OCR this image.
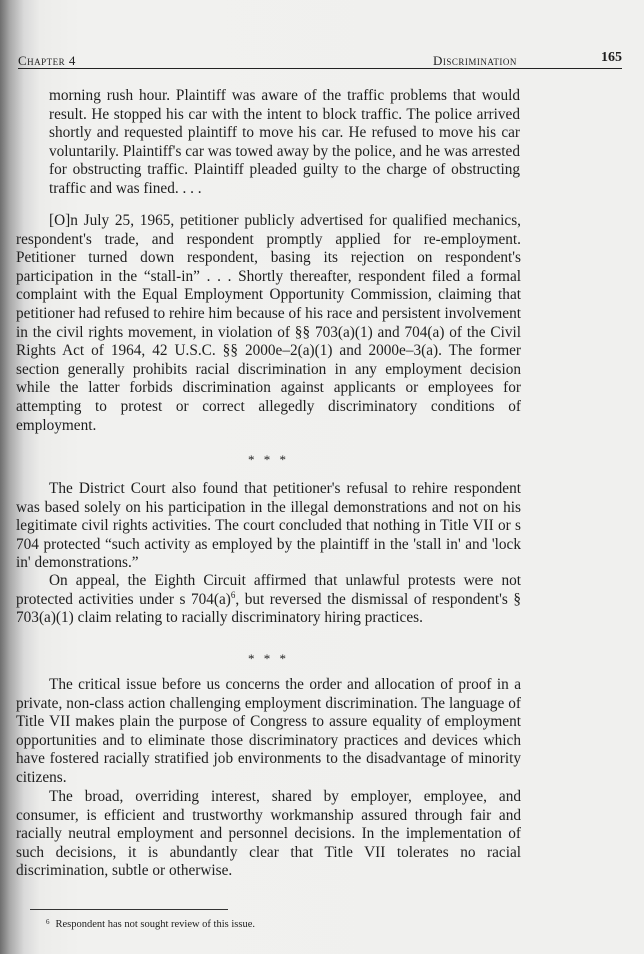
Chapter 4	Discrimination	165

morning rush hour. Plaintiff was aware of the traffic problems that would result. He stopped his car with the intent to block traffic. The police arrived shortly and requested plaintiff to move his car. He refused to move his car voluntarily. Plaintiff's car was towed away by the police, and he was arrested for obstructing traffic. Plaintiff pleaded guilty to the charge of obstructing traffic and was fined. . . .

[O]n July 25, 1965, petitioner publicly advertised for qualified mechanics, respondent's trade, and respondent promptly applied for re-employment. Petitioner turned down respondent, basing its rejection on respondent's participation in the “stall-in” . . . Shortly thereafter, respondent filed a formal complaint with the Equal Employment Opportunity Commission, claiming that petitioner had refused to rehire him because of his race and persistent involvement in the civil rights movement, in violation of §§ 703(a)(1) and 704(a) of the Civil Rights Act of 1964, 42 U.S.C. §§ 2000e–2(a)(1) and 2000e–3(a). The former section generally prohibits racial discrimination in any employment decision while the latter forbids discrimination against applicants or employees for attempting to protest or correct allegedly discriminatory conditions of employment.

* * *

The District Court also found that petitioner's refusal to rehire respondent was based solely on his participation in the illegal demonstrations and not on his legitimate civil rights activities. The court concluded that nothing in Title VII or s 704 protected “such activity as employed by the plaintiff in the 'stall in' and 'lock in' demonstrations.”

On appeal, the Eighth Circuit affirmed that unlawful protests were not protected activities under s $704(a)^6$, but reversed the dismissal of respondent's § 703(a)(1) claim relating to racially discriminatory hiring practices.

* * *

The critical issue before us concerns the order and allocation of proof in a private, non-class action challenging employment discrimination. The language of Title VII makes plain the purpose of Congress to assure equality of employment opportunities and to eliminate those discriminatory practices and devices which have fostered racially stratified job environments to the disadvantage of minority citizens.

The broad, overriding interest, shared by employer, employee, and consumer, is efficient and trustworthy workmanship assured through fair and racially neutral employment and personnel decisions. In the implementation of such decisions, it is abundantly clear that Title VII tolerates no racial discrimination, subtle or otherwise.

$^6$ Respondent has not sought review of this issue.
